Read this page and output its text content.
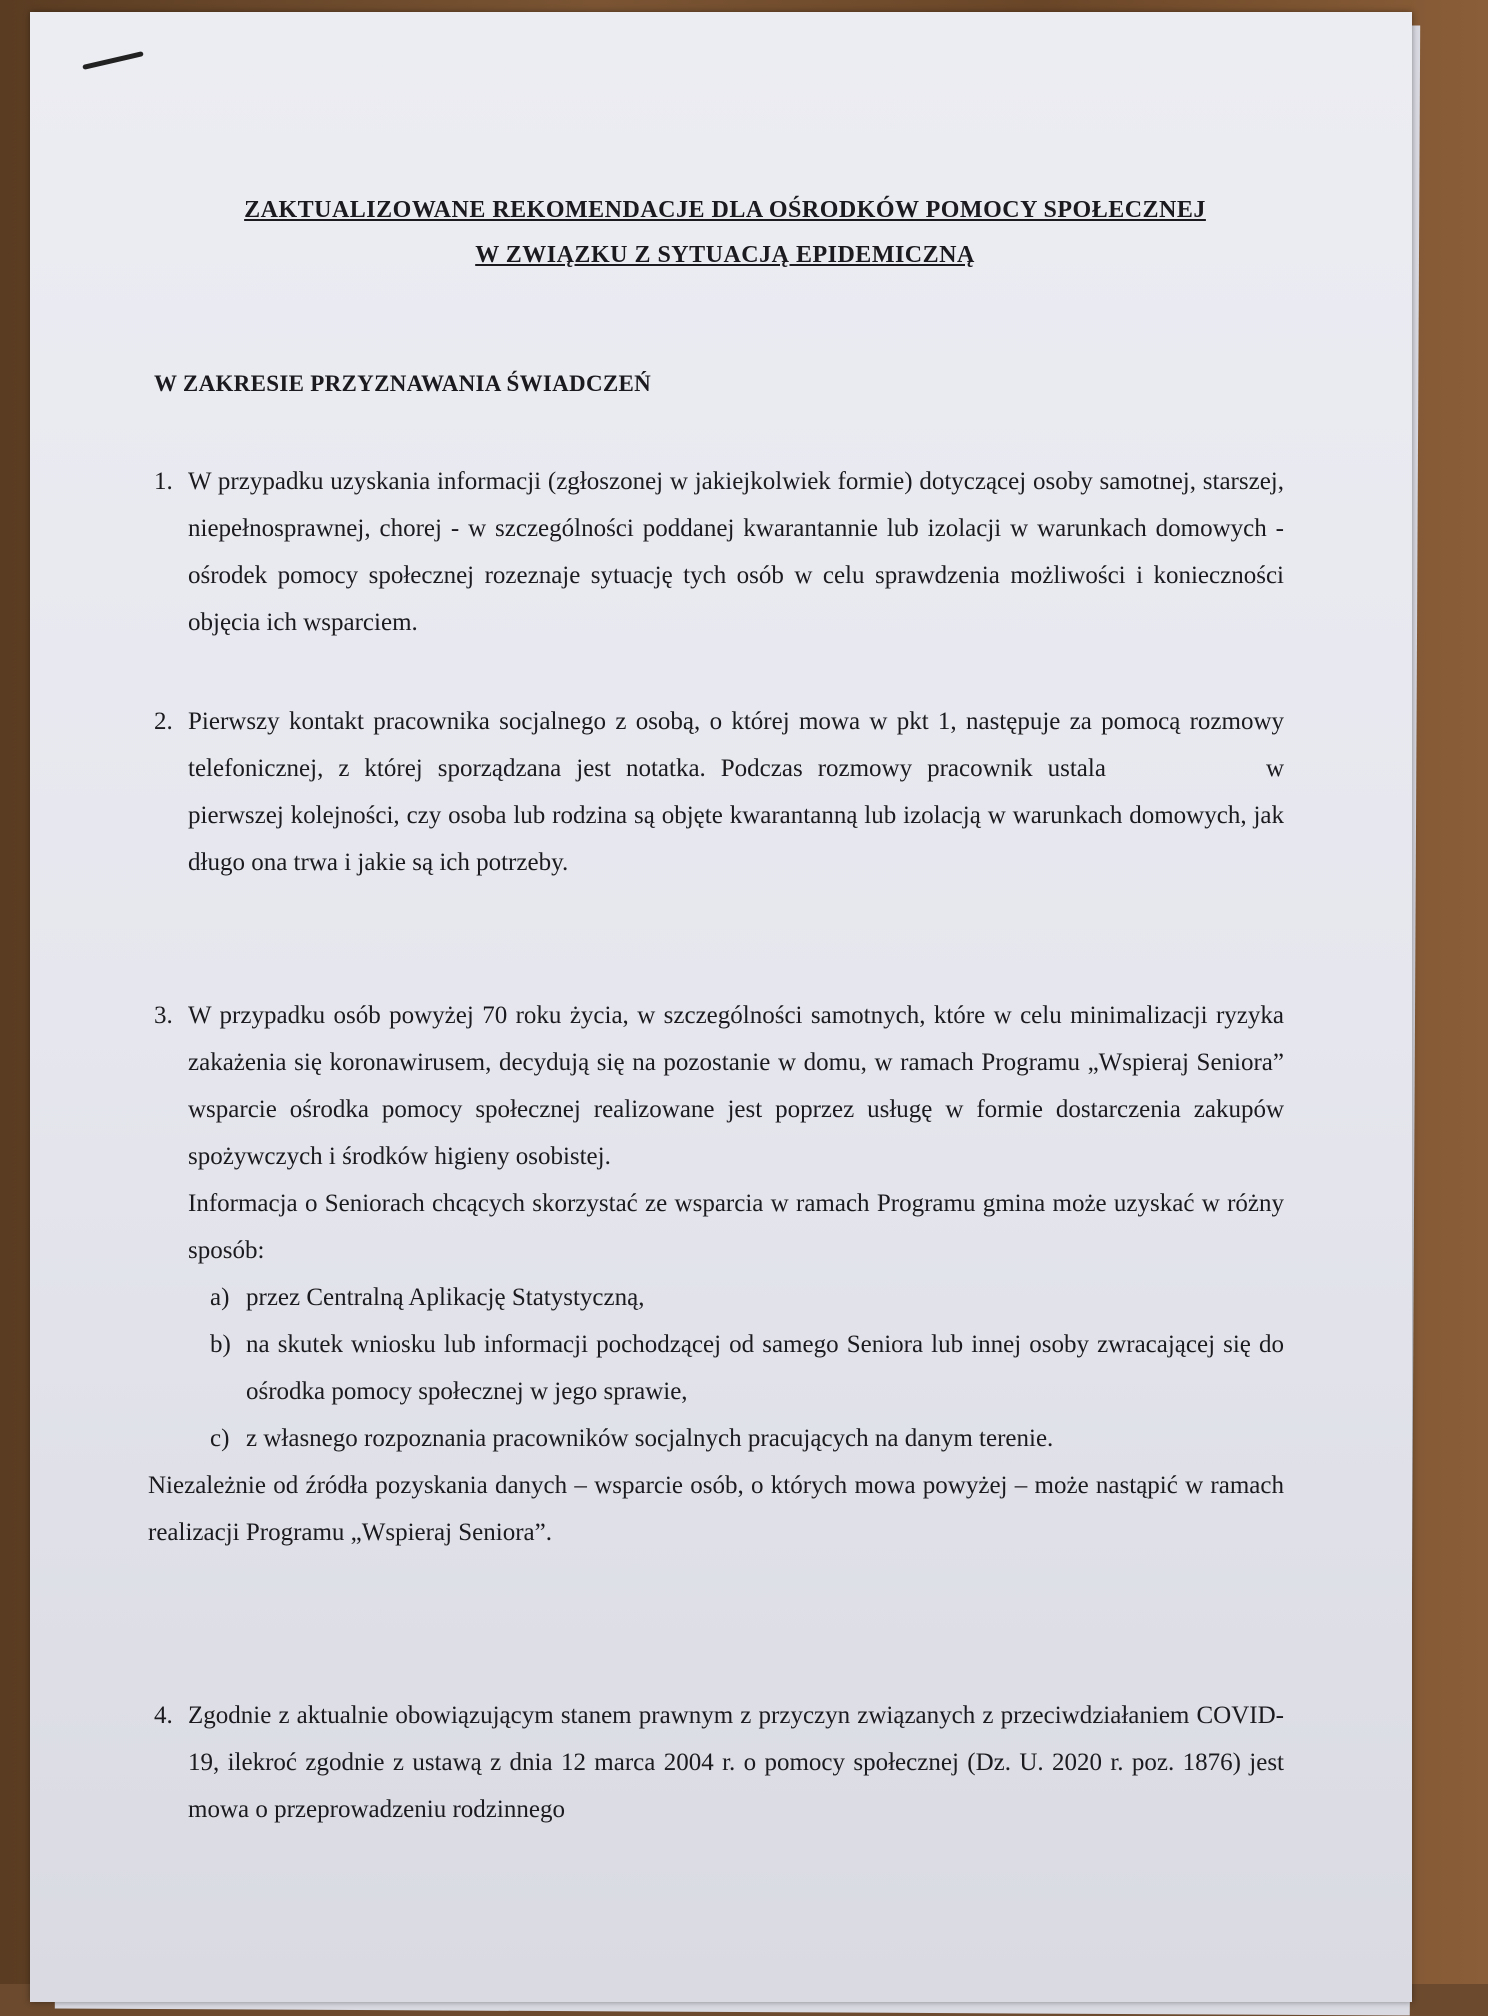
ZAKTUALIZOWANE REKOMENDACJE DLA OŚRODKÓW POMOCY SPOŁECZNEJ
W ZWIĄZKU Z SYTUACJĄ EPIDEMICZNĄ
W ZAKRESIE PRZYZNAWANIA ŚWIADCZEŃ
1. W przypadku uzyskania informacji (zgłoszonej w jakiejkolwiek formie) dotyczącej osoby samotnej, starszej, niepełnosprawnej, chorej - w szczególności poddanej kwarantannie lub izolacji w warunkach domowych - ośrodek pomocy społecznej rozeznaje sytuację tych osób w celu sprawdzenia możliwości i konieczności objęcia ich wsparciem.
2. Pierwszy kontakt pracownika socjalnego z osobą, o której mowa w pkt 1, następuje za pomocą rozmowy telefonicznej, z której sporządzana jest notatka. Podczas rozmowy pracownik ustala	w pierwszej kolejności, czy osoba lub rodzina są objęte kwarantanną lub izolacją w warunkach domowych, jak długo ona trwa i jakie są ich potrzeby.
3. W przypadku osób powyżej 70 roku życia, w szczególności samotnych, które w celu minimalizacji ryzyka zakażenia się koronawirusem, decydują się na pozostanie w domu, w ramach Programu „Wspieraj Seniora” wsparcie ośrodka pomocy społecznej realizowane jest poprzez usługę w formie dostarczenia zakupów spożywczych i środków higieny osobistej.
Informacja o Seniorach chcących skorzystać ze wsparcia w ramach Programu gmina może uzyskać w różny sposób:
a) przez Centralną Aplikację Statystyczną,
b) na skutek wniosku lub informacji pochodzącej od samego Seniora lub innej osoby zwracającej się do ośrodka pomocy społecznej w jego sprawie,
c) z własnego rozpoznania pracowników socjalnych pracujących na danym terenie.
Niezależnie od źródła pozyskania danych – wsparcie osób, o których mowa powyżej – może nastąpić w ramach realizacji Programu „Wspieraj Seniora”.
4. Zgodnie z aktualnie obowiązującym stanem prawnym z przyczyn związanych z przeciwdziałaniem COVID-19, ilekroć zgodnie z ustawą z dnia 12 marca 2004 r. o pomocy społecznej (Dz. U. 2020 r. poz. 1876) jest mowa o przeprowadzeniu rodzinnego
